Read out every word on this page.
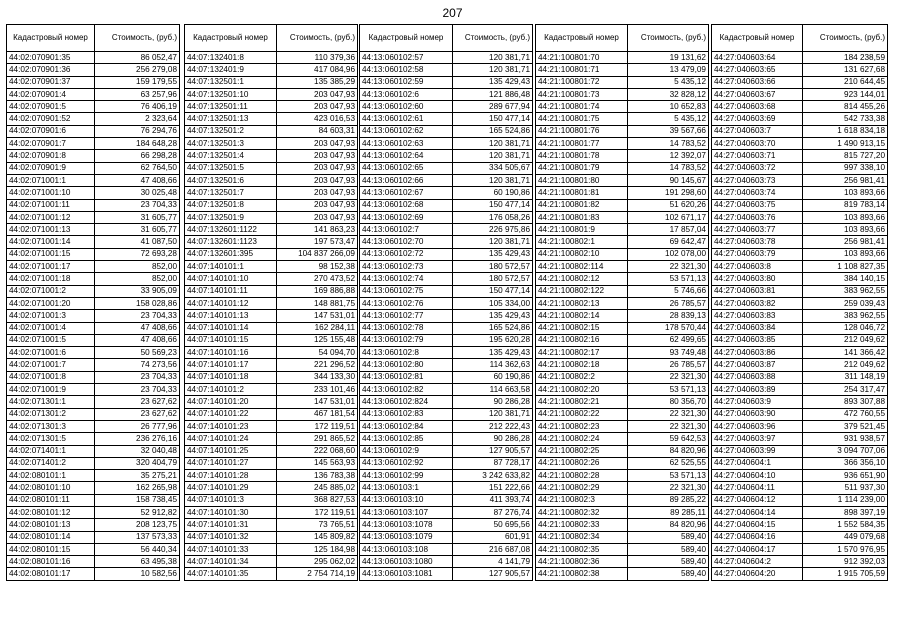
207
Кадастровый номер	Стоимость, (руб.)
44:02:070901:35	86 052,47
44:02:070901:36	256 279,08
44:02:070901:37	159 179,55
44:02:070901:4	63 257,96
44:02:070901:5	76 406,19
44:02:070901:52	2 323,64
44:02:070901:6	76 294,76
44:02:070901:7	184 648,28
44:02:070901:8	66 298,28
44:02:070901:9	62 764,50
44:02:071001:1	47 408,66
44:02:071001:10	30 025,48
44:02:071001:11	23 704,33
44:02:071001:12	31 605,77
44:02:071001:13	31 605,77
44:02:071001:14	41 087,50
44:02:071001:15	72 693,28
44:02:071001:17	852,00
44:02:071001:18	852,00
44:02:071001:2	33 905,09
44:02:071001:20	158 028,86
44:02:071001:3	23 704,33
44:02:071001:4	47 408,66
44:02:071001:5	47 408,66
44:02:071001:6	50 569,23
44:02:071001:7	74 273,56
44:02:071001:8	23 704,33
44:02:071001:9	23 704,33
44:02:071301:1	23 627,62
44:02:071301:2	23 627,62
44:02:071301:3	26 777,96
44:02:071301:5	236 276,16
44:02:071401:1	32 040,48
44:02:071401:2	320 404,79
44:02:080101:1	35 275,21
44:02:080101:10	162 265,98
44:02:080101:11	158 738,45
44:02:080101:12	52 912,82
44:02:080101:13	208 123,75
44:02:080101:14	137 573,33
44:02:080101:15	56 440,34
44:02:080101:16	63 495,38
44:02:080101:17	10 582,56
Кадастровый номер	Стоимость, (руб.)
44:07:132401:8	110 379,36
44:07:132401:9	417 084,96
44:07:132501:1	135 385,29
44:07:132501:10	203 047,93
44:07:132501:11	203 047,93
44:07:132501:13	423 016,53
44:07:132501:2	84 603,31
44:07:132501:3	203 047,93
44:07:132501:4	203 047,93
44:07:132501:5	203 047,93
44:07:132501:6	203 047,93
44:07:132501:7	203 047,93
44:07:132501:8	203 047,93
44:07:132501:9	203 047,93
44:07:132601:1122	141 863,23
44:07:132601:1123	197 573,47
44:07:132601:395	104 837 266,09
44:07:140101:1	98 152,38
44:07:140101:10	270 473,52
44:07:140101:11	169 886,88
44:07:140101:12	148 881,75
44:07:140101:13	147 531,01
44:07:140101:14	162 284,11
44:07:140101:15	125 155,48
44:07:140101:16	54 094,70
44:07:140101:17	221 296,52
44:07:140101:18	344 133,30
44:07:140101:2	233 101,46
44:07:140101:20	147 531,01
44:07:140101:22	467 181,54
44:07:140101:23	172 119,51
44:07:140101:24	291 865,52
44:07:140101:25	222 068,60
44:07:140101:27	145 563,93
44:07:140101:28	136 783,38
44:07:140101:29	245 885,02
44:07:140101:3	368 827,53
44:07:140101:30	172 119,51
44:07:140101:31	73 765,51
44:07:140101:32	145 809,82
44:07:140101:33	125 184,98
44:07:140101:34	295 062,02
44:07:140101:35	2 754 714,19
Кадастровый номер	Стоимость, (руб.)
44:13:060102:57	120 381,71
44:13:060102:58	120 381,71
44:13:060102:59	135 429,43
44:13:060102:6	121 886,48
44:13:060102:60	289 677,94
44:13:060102:61	150 477,14
44:13:060102:62	165 524,86
44:13:060102:63	120 381,71
44:13:060102:64	120 381,71
44:13:060102:65	334 505,67
44:13:060102:66	120 381,71
44:13:060102:67	60 190,86
44:13:060102:68	150 477,14
44:13:060102:69	176 058,26
44:13:060102:7	226 975,86
44:13:060102:70	120 381,71
44:13:060102:72	135 429,43
44:13:060102:73	180 572,57
44:13:060102:74	180 572,57
44:13:060102:75	150 477,14
44:13:060102:76	105 334,00
44:13:060102:77	135 429,43
44:13:060102:78	165 524,86
44:13:060102:79	195 620,28
44:13:060102:8	135 429,43
44:13:060102:80	114 362,63
44:13:060102:81	60 190,86
44:13:060102:82	114 663,58
44:13:060102:824	90 286,28
44:13:060102:83	120 381,71
44:13:060102:84	212 222,43
44:13:060102:85	90 286,28
44:13:060102:9	127 905,57
44:13:060102:92	87 728,17
44:13:060102:99	3 242 633,82
44:13:060103:1	151 222,66
44:13:060103:10	411 393,74
44:13:060103:107	87 276,74
44:13:060103:1078	50 695,56
44:13:060103:1079	601,91
44:13:060103:108	216 687,08
44:13:060103:1080	4 141,79
44:13:060103:1081	127 905,57
Кадастровый номер	Стоимость, (руб.)
44:21:100801:70	19 131,62
44:21:100801:71	13 479,09
44:21:100801:72	5 435,12
44:21:100801:73	32 828,12
44:21:100801:74	10 652,83
44:21:100801:75	5 435,12
44:21:100801:76	39 567,66
44:21:100801:77	14 783,52
44:21:100801:78	12 392,07
44:21:100801:79	14 783,52
44:21:100801:80	90 145,67
44:21:100801:81	191 298,60
44:21:100801:82	51 620,26
44:21:100801:83	102 671,17
44:21:100801:9	17 857,04
44:21:100802:1	69 642,47
44:21:100802:10	102 078,00
44:21:100802:114	22 321,30
44:21:100802:12	53 571,13
44:21:100802:122	5 746,66
44:21:100802:13	26 785,57
44:21:100802:14	28 839,13
44:21:100802:15	178 570,44
44:21:100802:16	62 499,65
44:21:100802:17	93 749,48
44:21:100802:18	26 785,57
44:21:100802:2	22 321,30
44:21:100802:20	53 571,13
44:21:100802:21	80 356,70
44:21:100802:22	22 321,30
44:21:100802:23	22 321,30
44:21:100802:24	59 642,53
44:21:100802:25	84 820,96
44:21:100802:26	62 525,55
44:21:100802:28	53 571,13
44:21:100802:29	22 321,30
44:21:100802:3	89 285,22
44:21:100802:32	89 285,11
44:21:100802:33	84 820,96
44:21:100802:34	589,40
44:21:100802:35	589,40
44:21:100802:36	589,40
44:21:100802:38	589,40
Кадастровый номер	Стоимость, (руб.)
44:27:040603:64	184 238,59
44:27:040603:65	131 627,68
44:27:040603:66	210 644,45
44:27:040603:67	923 144,01
44:27:040603:68	814 455,26
44:27:040603:69	542 733,38
44:27:040603:7	1 618 834,18
44:27:040603:70	1 490 913,15
44:27:040603:71	815 727,20
44:27:040603:72	997 338,10
44:27:040603:73	256 981,41
44:27:040603:74	103 893,66
44:27:040603:75	819 783,14
44:27:040603:76	103 893,66
44:27:040603:77	103 893,66
44:27:040603:78	256 981,41
44:27:040603:79	103 893,66
44:27:040603:8	1 108 827,35
44:27:040603:80	384 140,15
44:27:040603:81	383 962,55
44:27:040603:82	259 039,43
44:27:040603:83	383 962,55
44:27:040603:84	128 046,72
44:27:040603:85	212 049,62
44:27:040603:86	141 366,42
44:27:040603:87	212 049,62
44:27:040603:88	311 148,19
44:27:040603:89	254 317,47
44:27:040603:9	893 307,88
44:27:040603:90	472 760,55
44:27:040603:96	379 521,45
44:27:040603:97	931 938,57
44:27:040603:99	3 094 707,06
44:27:040604:1	366 356,10
44:27:040604:10	936 651,90
44:27:040604:11	511 937,30
44:27:040604:12	1 114 239,00
44:27:040604:14	898 397,19
44:27:040604:15	1 552 584,35
44:27:040604:16	449 079,68
44:27:040604:17	1 570 976,95
44:27:040604:2	912 392,03
44:27:040604:20	1 915 705,59
